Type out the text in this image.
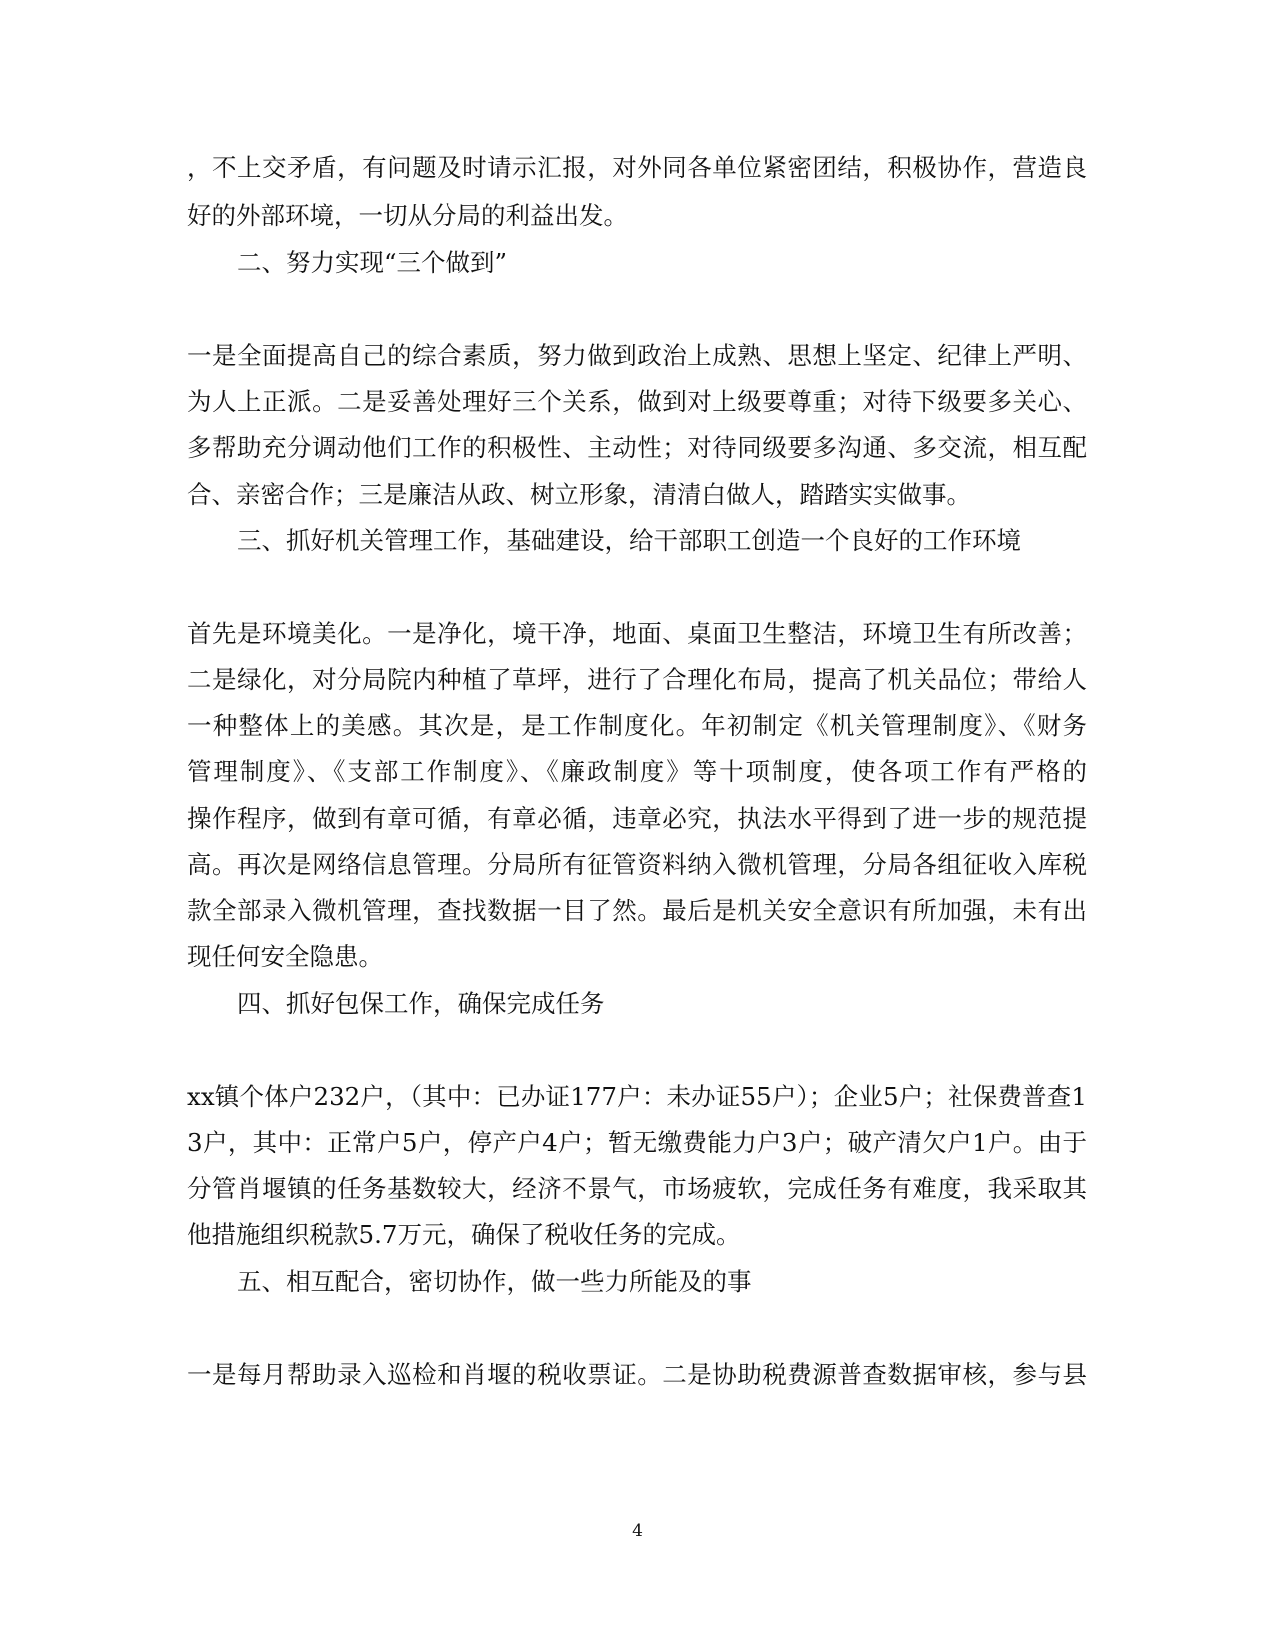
，不上交矛盾，有问题及时请示汇报，对外同各单位紧密团结，积极协作，营造良
好的外部环境，一切从分局的利益出发。
二、努力实现“三个做到”
一是全面提高自己的综合素质，努力做到政治上成熟、思想上坚定、纪律上严明、
为人上正派。二是妥善处理好三个关系，做到对上级要尊重；对待下级要多关心、
多帮助充分调动他们工作的积极性、主动性；对待同级要多沟通、多交流，相互配
合、亲密合作；三是廉洁从政、树立形象，清清白做人，踏踏实实做事。
三、抓好机关管理工作，基础建设，给干部职工创造一个良好的工作环境
首先是环境美化。一是净化，境干净，地面、桌面卫生整洁，环境卫生有所改善；
二是绿化，对分局院内种植了草坪，进行了合理化布局，提高了机关品位；带给人
一种整体上的美感。其次是，是工作制度化。年初制定《机关管理制度》、《财务
管理制度》、《支部工作制度》、《廉政制度》等十项制度，使各项工作有严格的
操作程序，做到有章可循，有章必循，违章必究，执法水平得到了进一步的规范提
高。再次是网络信息管理。分局所有征管资料纳入微机管理，分局各组征收入库税
款全部录入微机管理，查找数据一目了然。最后是机关安全意识有所加强，未有出
现任何安全隐患。
四、抓好包保工作，确保完成任务
xx镇个体户232户，（其中：已办证177户：未办证55户）；企业5户；社保费普查1
3户，其中：正常户5户，停产户4户；暂无缴费能力户3户；破产清欠户1户。由于
分管肖堰镇的任务基数较大，经济不景气，市场疲软，完成任务有难度，我采取其
他措施组织税款5.7万元，确保了税收任务的完成。
五、相互配合，密切协作，做一些力所能及的事
一是每月帮助录入巡检和肖堰的税收票证。二是协助税费源普查数据审核，参与县
4
